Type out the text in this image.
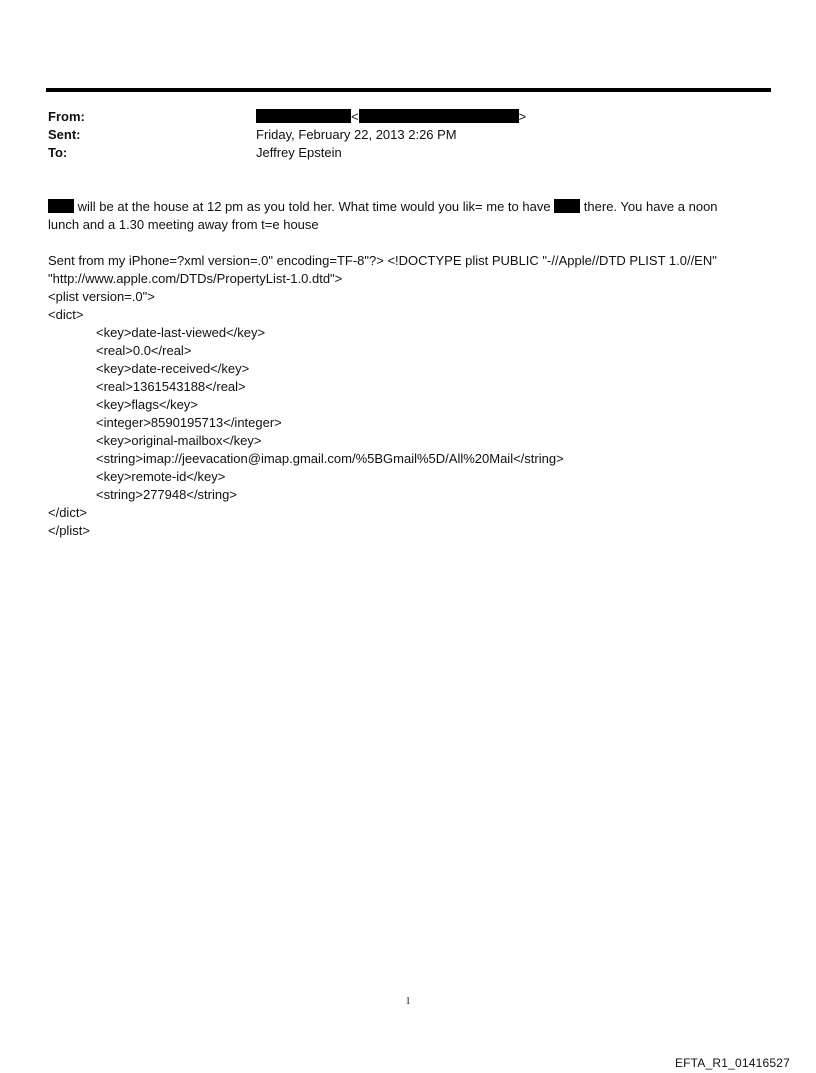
From:	<	>
Sent:	Friday, February 22, 2013 2:26 PM
To:	Jeffrey Epstein

will be at the house at 12 pm as you told her. What time would you lik= me to have  there. You have a noon
lunch and a 1.30 meeting away from t=e house

Sent from my iPhone=?xml version=.0" encoding=TF-8"?> <!DOCTYPE plist PUBLIC "-//Apple//DTD PLIST 1.0//EN"
"http://www.apple.com/DTDs/PropertyList-1.0.dtd">

<plist version=.0">
<dict>
<key>date-last-viewed</key>
<real>0.0</real>
<key>date-received</key>
<real>1361543188</real>
<key>flags</key>
<integer>8590195713</integer>
<key>original-mailbox</key>
<string>imap://jeevacation@imap.gmail.com/%5BGmail%5D/All%20Mail</string>
<key>remote-id</key>
<string>277948</string>
</dict>
</plist>
1
EFTA_R1_01416527
